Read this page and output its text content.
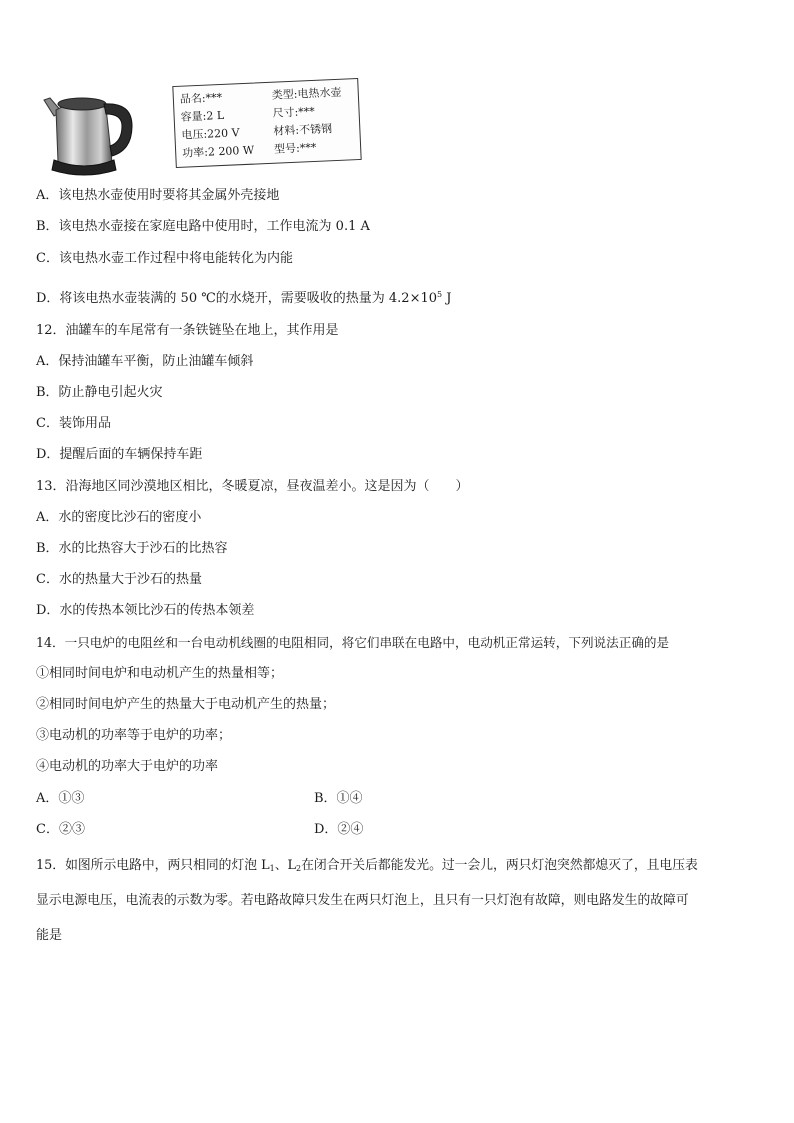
品名:***
容量:2 L
电压:220 V
功率:2 200 W
类型:电热水壶
尺寸:***
材料:不锈钢
型号:***
A．该电热水壶使用时要将其金属外壳接地
B．该电热水壶接在家庭电路中使用时，工作电流为 0.1 A
C．该电热水壶工作过程中将电能转化为内能
D．将该电热水壶装满的 50 ℃的水烧开，需要吸收的热量为 $4.2\times 10^5$ J
12．油罐车的车尾常有一条铁链坠在地上，其作用是
A．保持油罐车平衡，防止油罐车倾斜
B．防止静电引起火灾
C．装饰用品
D．提醒后面的车辆保持车距
13．沿海地区同沙漠地区相比，冬暖夏凉，昼夜温差小。这是因为（　　）
A．水的密度比沙石的密度小
B．水的比热容大于沙石的比热容
C．水的热量大于沙石的热量
D．水的传热本领比沙石的传热本领差
14．一只电炉的电阻丝和一台电动机线圈的电阻相同，将它们串联在电路中，电动机正常运转，下列说法正确的是
①相同时间电炉和电动机产生的热量相等；
②相同时间电炉产生的热量大于电动机产生的热量；
③电动机的功率等于电炉的功率；
④电动机的功率大于电炉的功率
A．①③	B．①④
C．②③	D．②④
15．如图所示电路中，两只相同的灯泡 $L_1$、$L_2$在闭合开关后都能发光。过一会儿，两只灯泡突然都熄灭了，且电压表
显示电源电压，电流表的示数为零。若电路故障只发生在两只灯泡上，且只有一只灯泡有故障，则电路发生的故障可
能是
